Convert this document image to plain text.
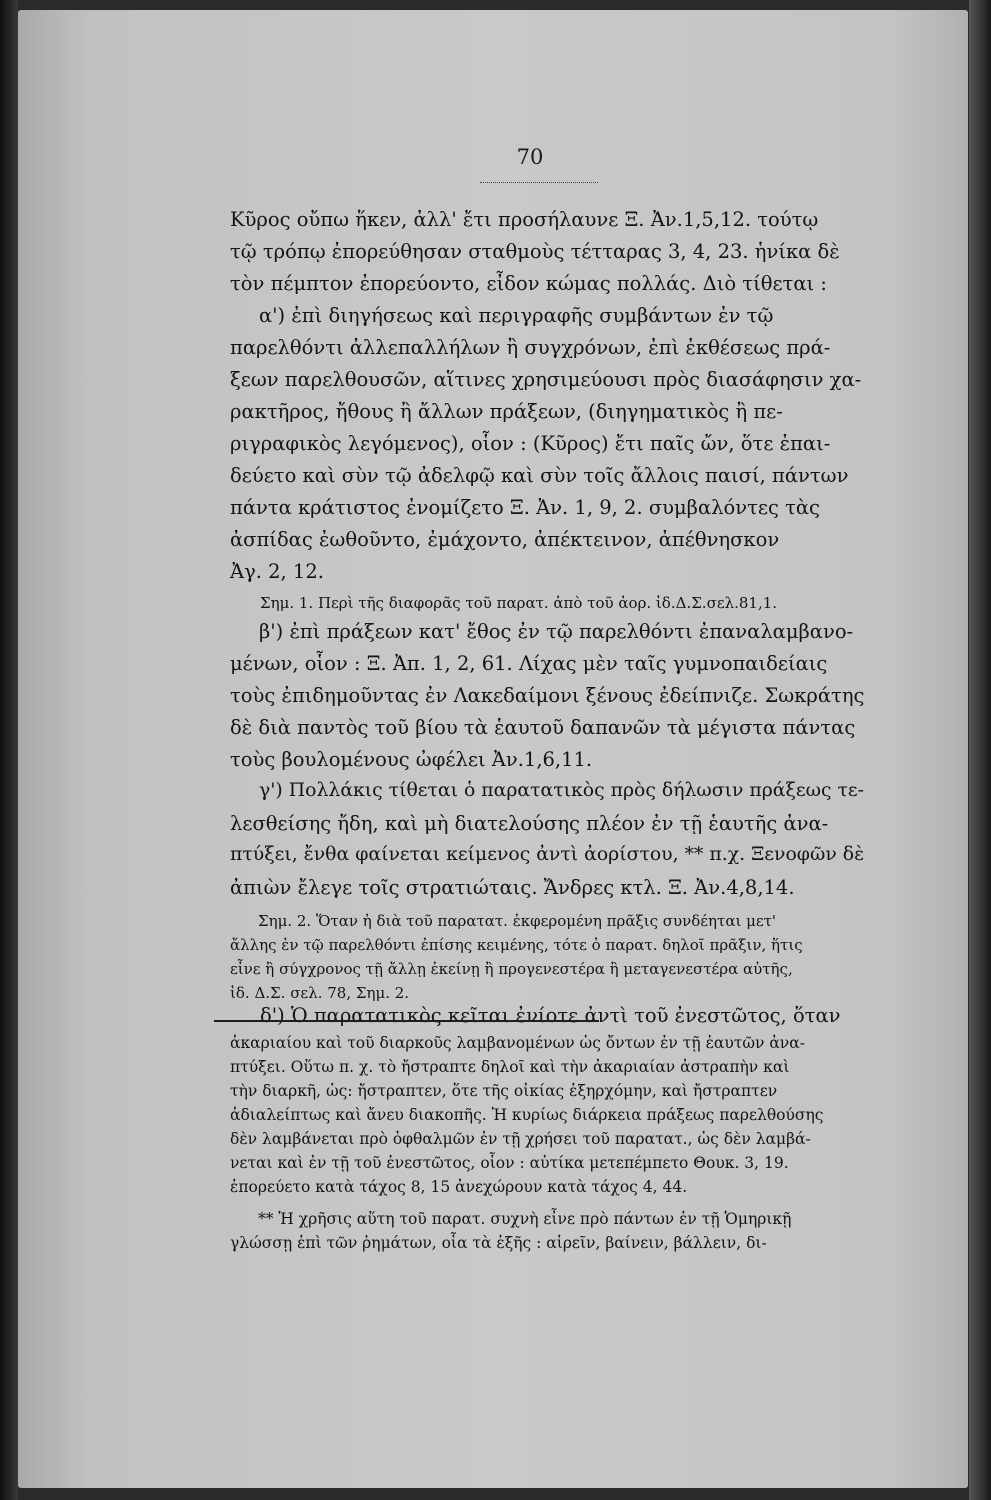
70
Κῦρος οὔπω ἥκεν, ἀλλ' ἔτι προσήλαυνε Ξ. Ἀν.1,5,12. τούτῳ
τῷ τρόπῳ ἐπορεύθησαν σταθμοὺς τέτταρας 3, 4, 23. ἡνίκα δὲ
τὸν πέμπτον ἐπορεύοντο, εἶδον κώμας πολλάς. Διὸ τίθεται :
α') ἐπὶ διηγήσεως καὶ περιγραφῆς συμβάντων ἐν τῷ
παρελθόντι ἀλλεπαλλήλων ἢ συγχρόνων, ἐπὶ ἐκθέσεως πρά-
ξεων παρελθουσῶν, αἵτινες χρησιμεύουσι πρὸς διασάφησιν χα-
ρακτῆρος, ἤθους ἢ ἄλλων πράξεων, (διηγηματικὸς ἢ πε-
ριγραφικὸς λεγόμενος), οἷον : (Κῦρος) ἔτι παῖς ὤν, ὅτε ἐπαι-
δεύετο καὶ σὺν τῷ ἀδελφῷ καὶ σὺν τοῖς ἄλλοις παισί, πάντων
πάντα κράτιστος ἐνομίζετο Ξ. Ἀν. 1, 9, 2. συμβαλόντες τὰς
ἀσπίδας ἐωθοῦντο, ἐμάχοντο, ἀπέκτεινον, ἀπέθνησκον
Ἀγ. 2, 12.
Σημ. 1. Περὶ τῆς διαφορᾶς τοῦ παρατ. ἀπὸ τοῦ ἀορ. ἰδ.Δ.Σ.σελ.81,1.
β') ἐπὶ πράξεων κατ' ἔθος ἐν τῷ παρελθόντι ἐπαναλαμβανο-
μένων, οἷον : Ξ. Ἀπ. 1, 2, 61. Λίχας μὲν ταῖς γυμνοπαιδείαις
τοὺς ἐπιδημοῦντας ἐν Λακεδαίμονι ξένους ἐδείπνιζε. Σωκράτης
δὲ διὰ παντὸς τοῦ βίου τὰ ἑαυτοῦ δαπανῶν τὰ μέγιστα πάντας
τοὺς βουλομένους ὠφέλει Ἀν.1,6,11.
γ') Πολλάκις τίθεται ὁ παρατατικὸς πρὸς δήλωσιν πράξεως τε-
λεσθείσης ἤδη, καὶ μὴ διατελούσης πλέον ἐν τῇ ἑαυτῆς ἀνα-
πτύξει, ἔνθα φαίνεται κείμενος ἀντὶ ἀορίστου, ** π.χ. Ξενοφῶν δὲ
ἀπιὼν ἔλεγε τοῖς στρατιώταις. Ἄνδρες κτλ. Ξ. Ἀν.4,8,14.
Σημ. 2. Ὅταν ἡ διὰ τοῦ παρατατ. ἐκφερομένη πρᾶξις συνδέηται μετ'
ἄλλης ἐν τῷ παρελθόντι ἐπίσης κειμένης, τότε ὁ παρατ. δηλοῖ πρᾶξιν, ἥτις
εἶνε ἢ σύγχρονος τῇ ἄλλῃ ἐκείνῃ ἢ προγενεστέρα ἢ μεταγενεστέρα αὐτῆς,
ἰδ. Δ.Σ. σελ. 78, Σημ. 2.
δ') Ὁ παρατατικὸς κεῖται ἐνίοτε ἀντὶ τοῦ ἐνεστῶτος, ὅταν
ἀκαριαίου καὶ τοῦ διαρκοῦς λαμβανομένων ὡς ὄντων ἐν τῇ ἑαυτῶν ἀνα-
πτύξει. Οὕτω π. χ. τὸ ἤστραπτε δηλοῖ καὶ τὴν ἀκαριαίαν ἀστραπὴν καὶ
τὴν διαρκῆ, ὡς: ἤστραπτεν, ὅτε τῆς οἰκίας ἐξηρχόμην, καὶ ἤστραπτεν
ἀδιαλείπτως καὶ ἄνευ διακοπῆς. Ἡ κυρίως διάρκεια πράξεως παρελθούσης
δὲν λαμβάνεται πρὸ ὀφθαλμῶν ἐν τῇ χρήσει τοῦ παρατατ., ὡς δὲν λαμβά-
νεται καὶ ἐν τῇ τοῦ ἐνεστῶτος, οἷον : αὐτίκα μετεπέμπετο Θουκ. 3, 19.
ἐπορεύετο κατὰ τάχος 8, 15 ἀνεχώρουν κατὰ τάχος 4, 44.
** Ἡ χρῆσις αὕτη τοῦ παρατ. συχνὴ εἶνε πρὸ πάντων ἐν τῇ Ὁμηρικῇ
γλώσσῃ ἐπὶ τῶν ῥημάτων, οἷα τὰ ἑξῆς : αἱρεῖν, βαίνειν, βάλλειν, δι-
